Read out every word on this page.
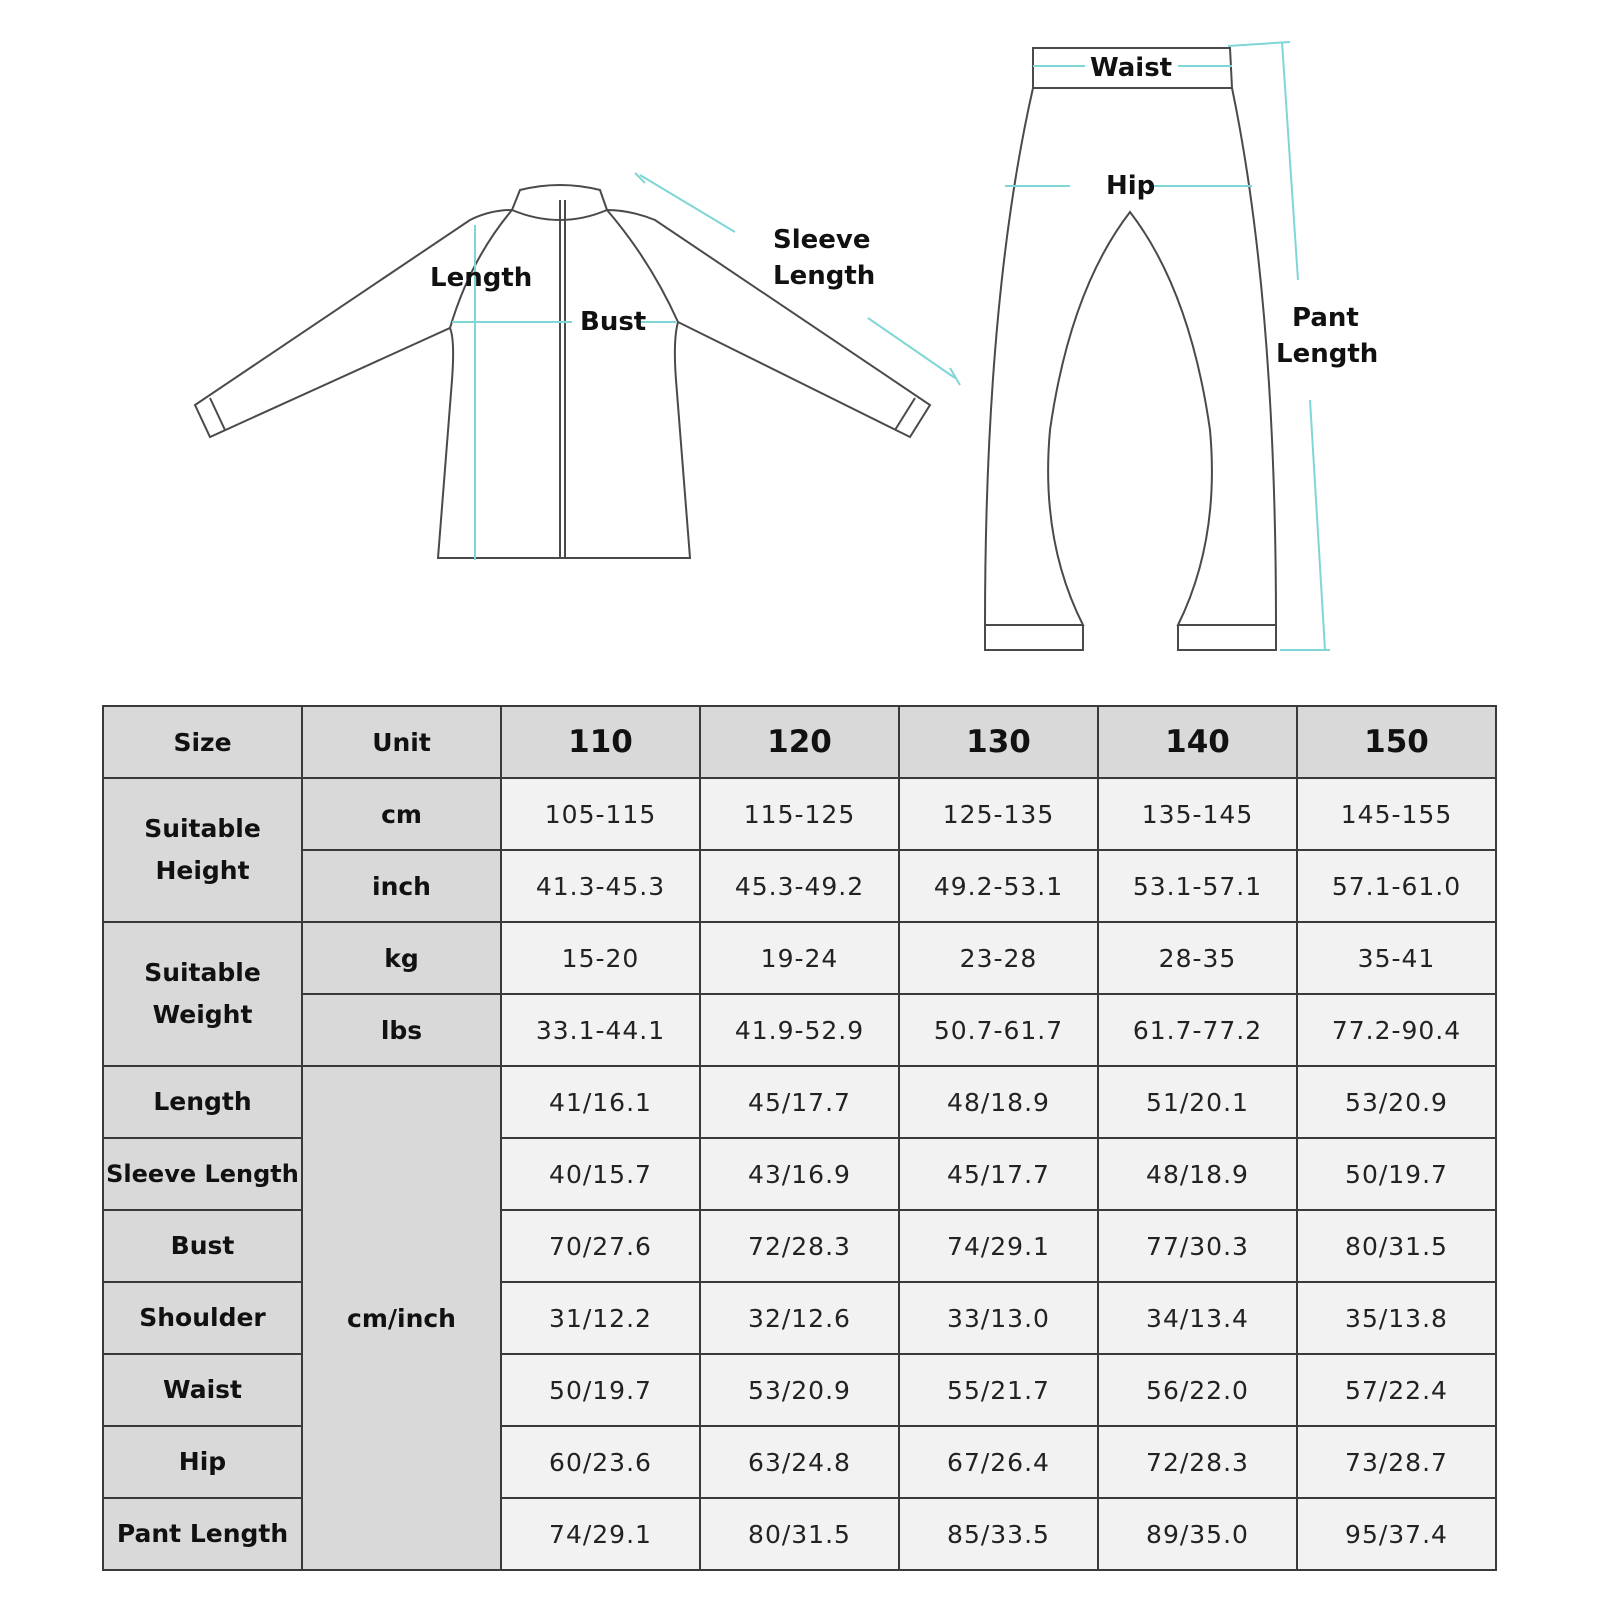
Length
Bust
Sleeve
Length
Waist
Hip
Pant
Length
Size	Unit	110	120	130	140	150
Suitable
Height	cm	105-115	115-125	125-135	135-145	145-155
	inch	41.3-45.3	45.3-49.2	49.2-53.1	53.1-57.1	57.1-61.0
Suitable
Weight	kg	15-20	19-24	23-28	28-35	35-41
	lbs	33.1-44.1	41.9-52.9	50.7-61.7	61.7-77.2	77.2-90.4
Length	cm/inch	41/16.1	45/17.7	48/18.9	51/20.1	53/20.9
Sleeve Length		40/15.7	43/16.9	45/17.7	48/18.9	50/19.7
Bust		70/27.6	72/28.3	74/29.1	77/30.3	80/31.5
Shoulder		31/12.2	32/12.6	33/13.0	34/13.4	35/13.8
Waist		50/19.7	53/20.9	55/21.7	56/22.0	57/22.4
Hip		60/23.6	63/24.8	67/26.4	72/28.3	73/28.7
Pant Length		74/29.1	80/31.5	85/33.5	89/35.0	95/37.4
